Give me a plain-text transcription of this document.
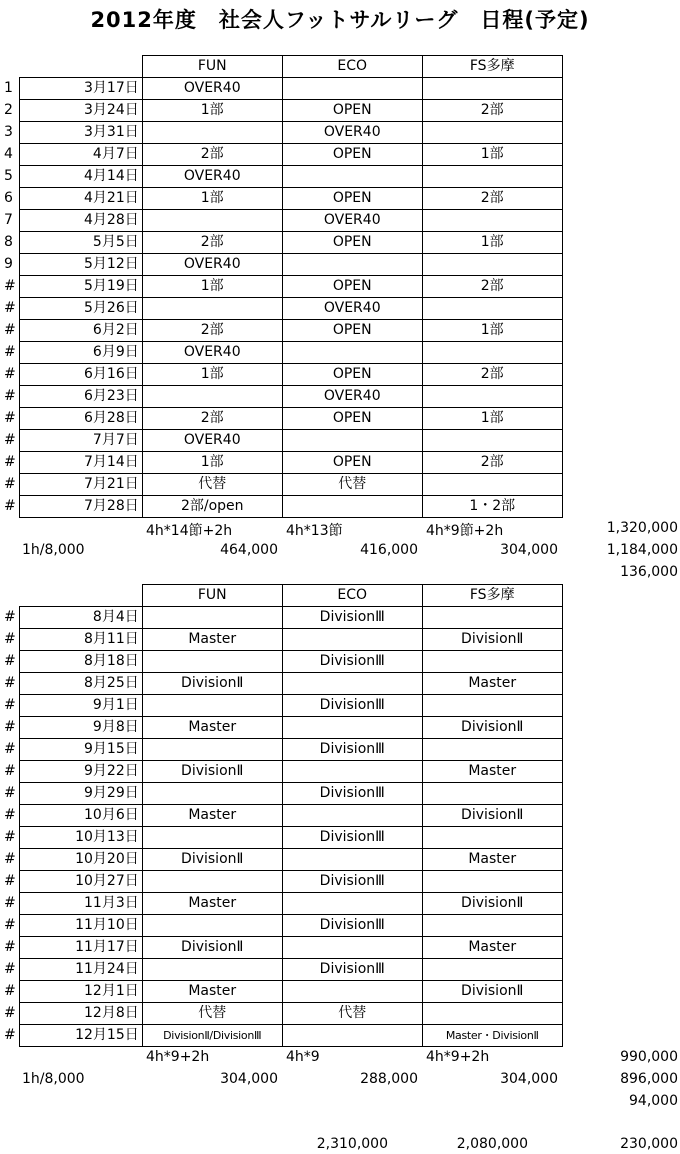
2012年度　社会人フットサルリーグ　日程(予定)
		FUN	ECO	FS多摩
1	3月17日	OVER40		
2	3月24日	1部	OPEN	2部
3	3月31日		OVER40	
4	4月7日	2部	OPEN	1部
5	4月14日	OVER40		
6	4月21日	1部	OPEN	2部
7	4月28日		OVER40	
8	5月5日	2部	OPEN	1部
9	5月12日	OVER40		
#	5月19日	1部	OPEN	2部
#	5月26日		OVER40	
#	6月2日	2部	OPEN	1部
#	6月9日	OVER40		
#	6月16日	1部	OPEN	2部
#	6月23日		OVER40	
#	6月28日	2部	OPEN	1部
#	7月7日	OVER40		
#	7月14日	1部	OPEN	2部
#	7月21日	代替	代替	
#	7月28日	2部/open		1・2部
4h*14節+2h	4h*13節	4h*9節+2h	1,320,000
1h/8,000	464,000	416,000	304,000	1,184,000
136,000
		FUN	ECO	FS多摩
#	8月4日		DivisionⅢ	
#	8月11日	Master		DivisionⅡ
#	8月18日		DivisionⅢ	
#	8月25日	DivisionⅡ		Master
#	9月1日		DivisionⅢ	
#	9月8日	Master		DivisionⅡ
#	9月15日		DivisionⅢ	
#	9月22日	DivisionⅡ		Master
#	9月29日		DivisionⅢ	
#	10月6日	Master		DivisionⅡ
#	10月13日		DivisionⅢ	
#	10月20日	DivisionⅡ		Master
#	10月27日		DivisionⅢ	
#	11月3日	Master		DivisionⅡ
#	11月10日		DivisionⅢ	
#	11月17日	DivisionⅡ		Master
#	11月24日		DivisionⅢ	
#	12月1日	Master		DivisionⅡ
#	12月8日	代替	代替	
#	12月15日	DivisionⅡ/DivisionⅢ		Master・DivisionⅡ
4h*9+2h	4h*9	4h*9+2h	990,000
1h/8,000	304,000	288,000	304,000	896,000
94,000
2,310,000	2,080,000	230,000
